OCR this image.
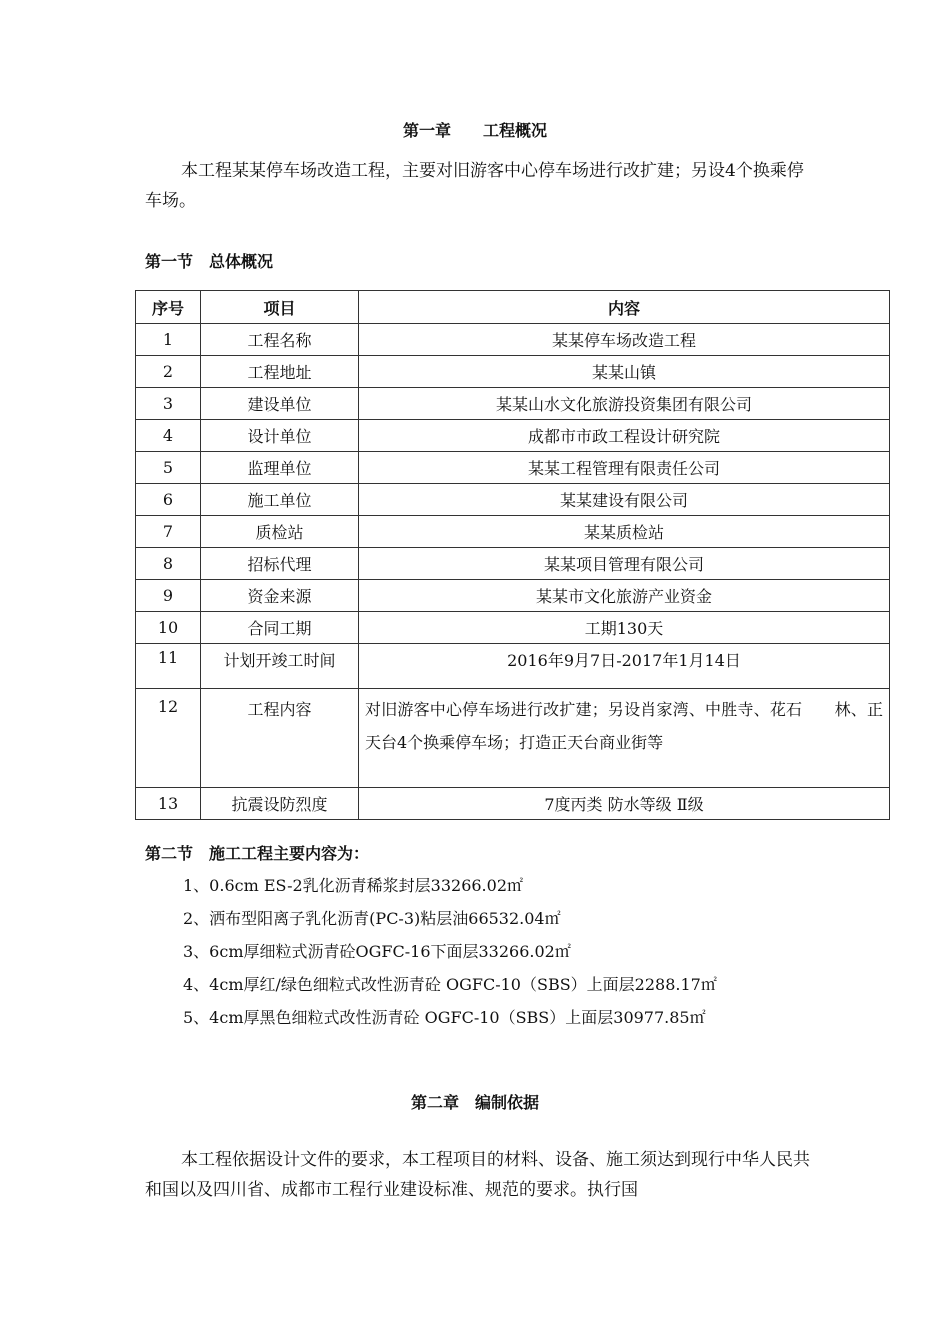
第一章　　工程概况
本工程某某停车场改造工程，主要对旧游客中心停车场进行改扩建；另设4个换乘停车场。
第一节　总体概况
序号	项目	内容
1	工程名称	某某停车场改造工程
2	工程地址	某某山镇
3	建设单位	某某山水文化旅游投资集团有限公司
4	设计单位	成都市市政工程设计研究院
5	监理单位	某某工程管理有限责任公司
6	施工单位	某某建设有限公司
7	质检站	某某质检站
8	招标代理	某某项目管理有限公司
9	资金来源	某某市文化旅游产业资金
10	合同工期	工期130天
11	计划开竣工时间	2016年9月7日-2017年1月14日
12	工程内容	对旧游客中心停车场进行改扩建；另设肖家湾、中胜寺、花石　　林、正天台4个换乘停车场；打造正天台商业街等
13	抗震设防烈度	7度丙类 防水等级 Ⅱ级
第二节　施工工程主要内容为：
1、0.6cm ES-2乳化沥青稀浆封层33266.02㎡
2、洒布型阳离子乳化沥青(PC-3)粘层油66532.04㎡
3、6cm厚细粒式沥青砼OGFC-16下面层33266.02㎡
4、4cm厚红/绿色细粒式改性沥青砼 OGFC-10（SBS）上面层2288.17㎡
5、4cm厚黑色细粒式改性沥青砼 OGFC-10（SBS）上面层30977.85㎡
第二章　编制依据
本工程依据设计文件的要求，本工程项目的材料、设备、施工须达到现行中华人民共和国以及四川省、成都市工程行业建设标准、规范的要求。执行国
